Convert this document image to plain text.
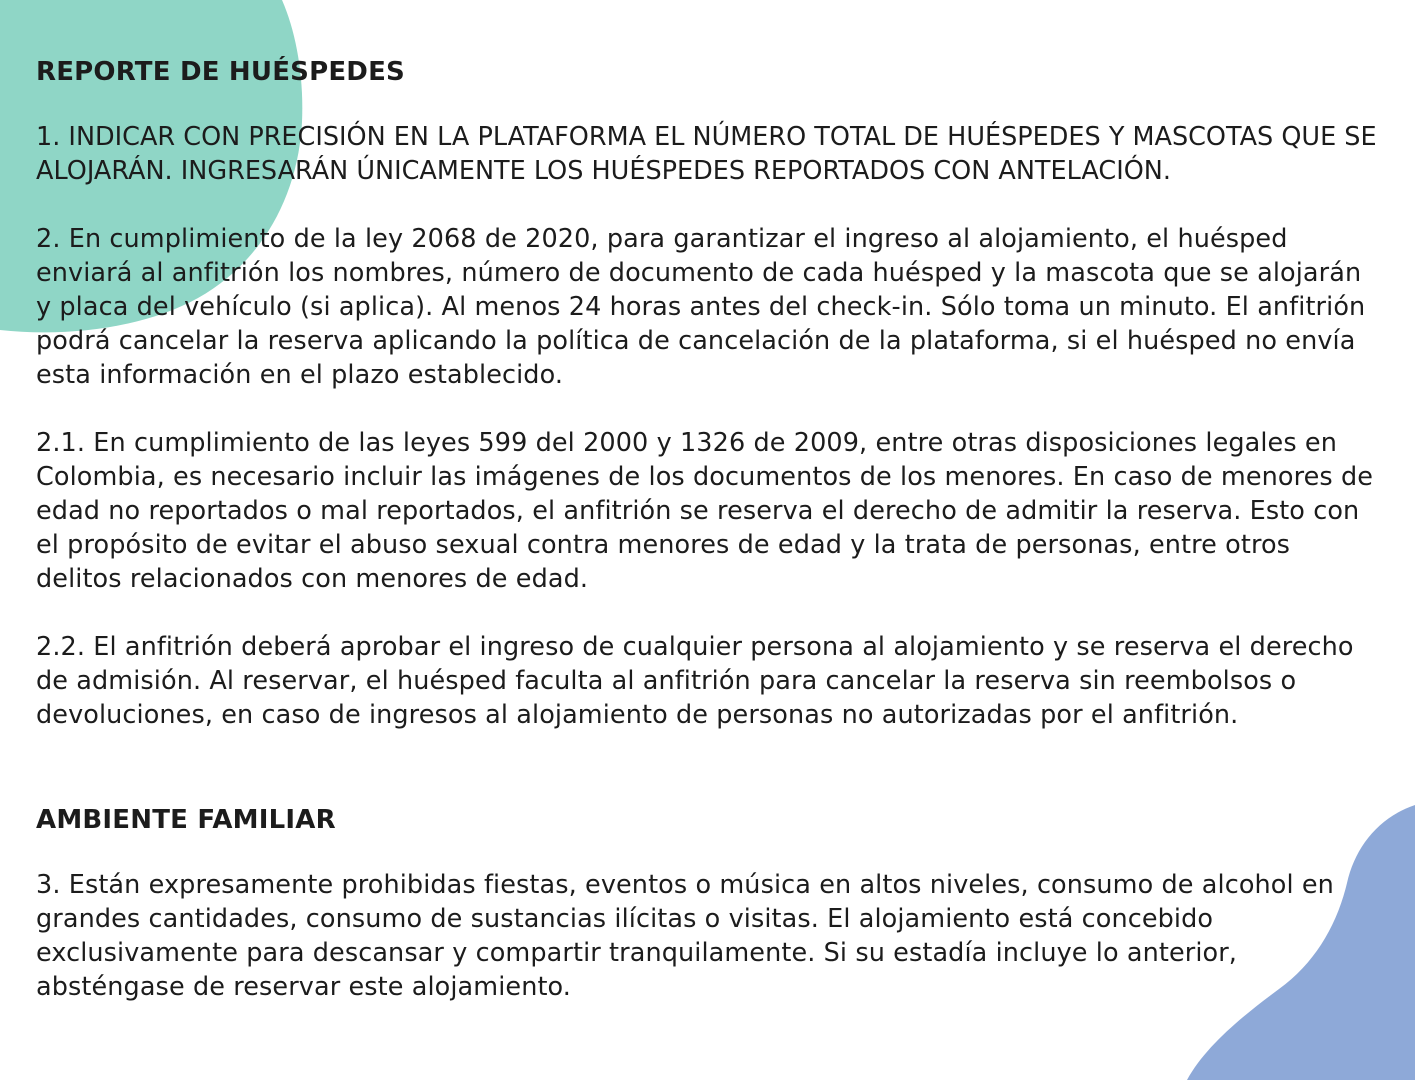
REPORTE DE HUÉSPEDES

1. INDICAR CON PRECISIÓN EN LA PLATAFORMA EL NÚMERO TOTAL DE HUÉSPEDES Y MASCOTAS QUE SE ALOJARÁN. INGRESARÁN ÚNICAMENTE LOS HUÉSPEDES REPORTADOS CON ANTELACIÓN.

2. En cumplimiento de la ley 2068 de 2020, para garantizar el ingreso al alojamiento, el huésped enviará al anfitrión los nombres, número de documento de cada huésped y la mascota que se alojarán y placa del vehículo (si aplica). Al menos 24 horas antes del check-in. Sólo toma un minuto. El anfitrión podrá cancelar la reserva aplicando la política de cancelación de la plataforma, si el huésped no envía esta información en el plazo establecido.

2.1. En cumplimiento de las leyes 599 del 2000 y 1326 de 2009, entre otras disposiciones legales en Colombia, es necesario incluir las imágenes de los documentos de los menores. En caso de menores de edad no reportados o mal reportados, el anfitrión se reserva el derecho de admitir la reserva. Esto con el propósito de evitar el abuso sexual contra menores de edad y la trata de personas, entre otros delitos relacionados con menores de edad.

2.2. El anfitrión deberá aprobar el ingreso de cualquier persona al alojamiento y se reserva el derecho de admisión. Al reservar, el huésped faculta al anfitrión para cancelar la reserva sin reembolsos o devoluciones, en caso de ingresos al alojamiento de personas no autorizadas por el anfitrión.

AMBIENTE FAMILIAR

3. Están expresamente prohibidas fiestas, eventos o música en altos niveles, consumo de alcohol en grandes cantidades, consumo de sustancias ilícitas o visitas. El alojamiento está concebido exclusivamente para descansar y compartir tranquilamente. Si su estadía incluye lo anterior, absténgase de reservar este alojamiento.
